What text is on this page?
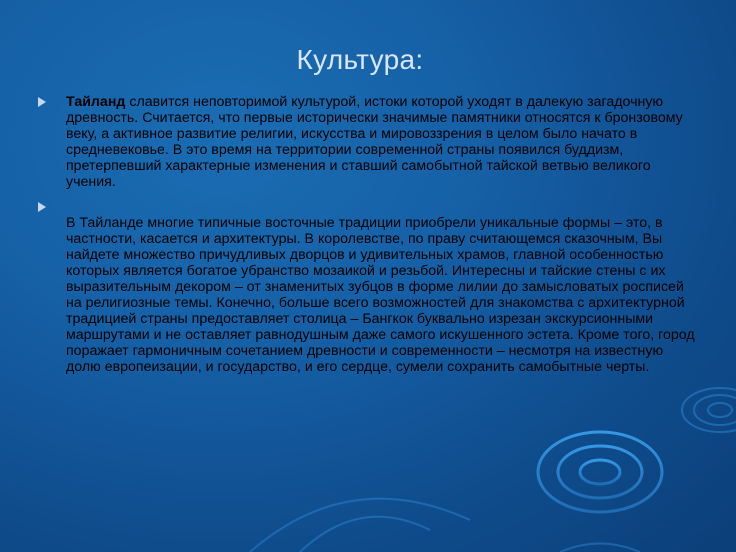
Культура:
Тайланд славится неповторимой культурой, истоки которой уходят в далекую загадочную древность. Считается, что первые исторически значимые памятники относятся к бронзовому веку, а активное развитие религии, искусства и мировоззрения в целом было начато в средневековье. В это время на территории современной страны появился буддизм, претерпевший характерные изменения и ставший самобытной тайской ветвью великого учения.
В Тайланде многие типичные восточные традиции приобрели уникальные формы – это, в частности, касается и архитектуры. В королевстве, по праву считающемся сказочным, Вы найдете множество причудливых дворцов и удивительных храмов, главной особенностью которых является богатое убранство мозаикой и резьбой. Интересны и тайские стены с их выразительным декором – от знаменитых зубцов в форме лилии до замысловатых росписей на религиозные темы. Конечно, больше всего возможностей для знакомства с архитектурной традицией страны предоставляет столица – Бангкок буквально изрезан экскурсионными маршрутами и не оставляет равнодушным даже самого искушенного эстета. Кроме того, город поражает гармоничным сочетанием древности и современности – несмотря на известную долю европеизации, и государство, и его сердце, сумели сохранить самобытные черты.
